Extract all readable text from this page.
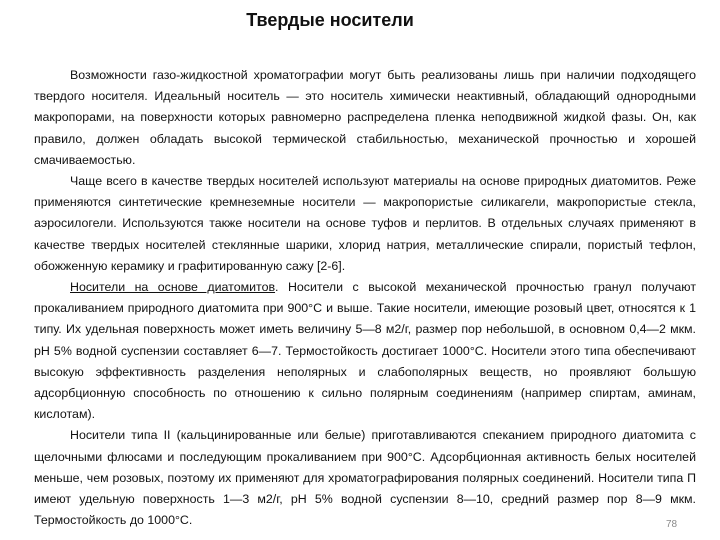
Твердые носители

Возможности газо-жидкостной хроматографии могут быть реализованы лишь при наличии подходящего твердого носителя. Идеальный носитель — это носитель химически неактивный, обладающий однородными макропорами, на поверхности которых равномерно распределена пленка неподвижной жидкой фазы. Он, как правило, должен обладать высокой термической стабильностью, механической прочностью и хорошей смачиваемостью.

Чаще всего в качестве твердых носителей используют материалы на основе природных диатомитов. Реже применяются синтетические кремнеземные носители — макропористые силикагели, макропористые стекла, аэросилогели. Используются также носители на основе туфов и перлитов. В отдельных случаях применяют в качестве твердых носителей стеклянные шарики, хлорид натрия, металлические спирали, пористый тефлон, обожженную керамику и графитированную сажу [2-6].

Носители на основе диатомитов. Носители с высокой механической прочностью гранул получают прокаливанием природного диатомита при 900°С и выше. Такие носители, имеющие розовый цвет, относятся к 1 типу. Их удельная поверхность может иметь величину 5—8 м2/г, размер пор небольшой, в основном 0,4—2 мкм. рН 5% водной суспензии составляет 6—7. Термостойкость достигает 1000°С. Носители этого типа обеспечивают высокую эффективность разделения неполярных и слабополярных веществ, но проявляют большую адсорбционную способность по отношению к сильно полярным соединениям (например спиртам, аминам, кислотам).

Носители типа II (кальцинированные или белые) приготавливаются спеканием природного диатомита с щелочными флюсами и последующим прокаливанием при 900°С. Адсорбционная активность белых носителей меньше, чем розовых, поэтому их применяют для хроматографирования полярных соединений. Носители типа П имеют удельную поверхность 1—3 м2/г, рН 5% водной суспензии 8—10, средний размер пор 8—9 мкм. Термостойкость до 1000°С.	78
